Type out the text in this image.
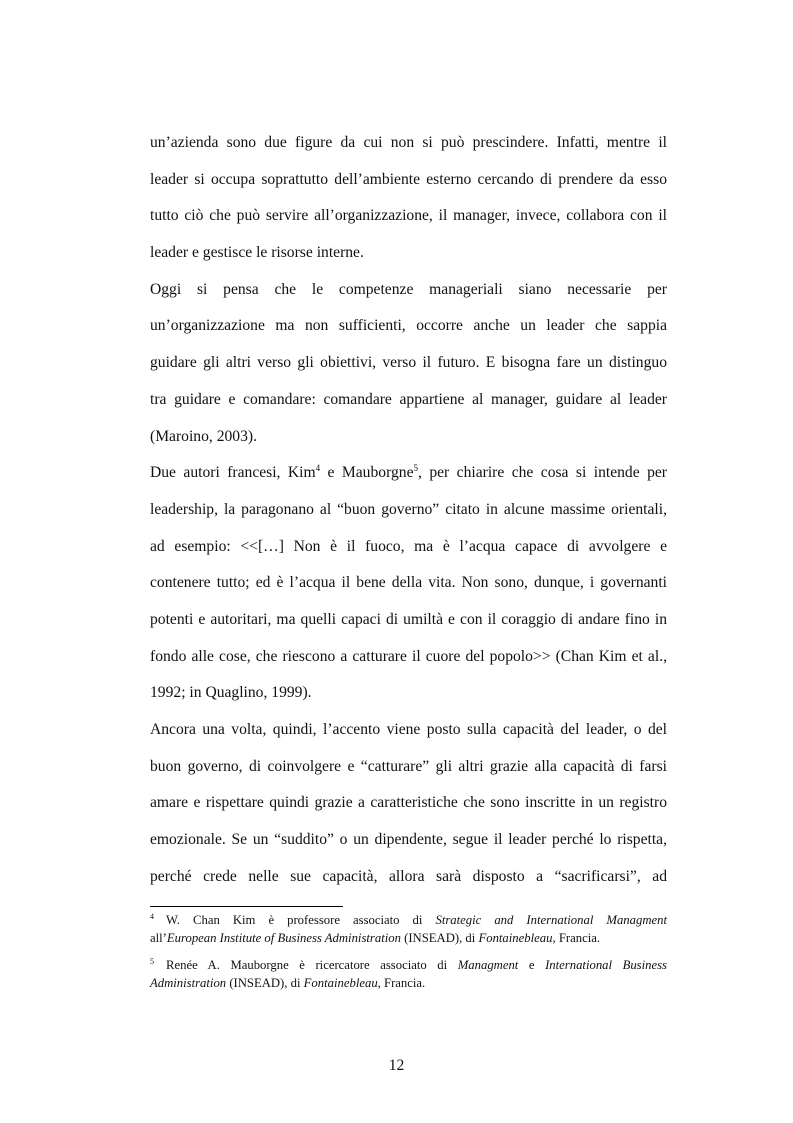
un’azienda sono due figure da cui non si può prescindere. Infatti, mentre il
leader si occupa soprattutto dell’ambiente esterno cercando di prendere da esso
tutto ciò che può servire all’organizzazione, il manager, invece, collabora con il
leader e gestisce le risorse interne.
Oggi si pensa che le competenze manageriali siano necessarie per
un’organizzazione ma non sufficienti, occorre anche un leader che sappia
guidare gli altri verso gli obiettivi, verso il futuro. E bisogna fare un distinguo
tra guidare e comandare: comandare appartiene al manager, guidare al leader
(Maroino, 2003).
Due autori francesi, Kim$^4$ e Mauborgne$^5$, per chiarire che cosa si intende per
leadership, la paragonano al “buon governo” citato in alcune massime orientali,
ad esempio: <<[…] Non è il fuoco, ma è l’acqua capace di avvolgere e
contenere tutto; ed è l’acqua il bene della vita. Non sono, dunque, i governanti
potenti e autoritari, ma quelli capaci di umiltà e con il coraggio di andare fino in
fondo alle cose, che riescono a catturare il cuore del popolo>> (Chan Kim et al.,
1992; in Quaglino, 1999).
Ancora una volta, quindi, l’accento viene posto sulla capacità del leader, o del
buon governo, di coinvolgere e “catturare” gli altri grazie alla capacità di farsi
amare e rispettare quindi grazie a caratteristiche che sono inscritte in un registro
emozionale. Se un “suddito” o un dipendente, segue il leader perché lo rispetta,
perché crede nelle sue capacità, allora sarà disposto a “sacrificarsi”, ad
4 W. Chan Kim è professore associato di Strategic and International Managment
all’European Institute of Business Administration (INSEAD), di Fontainebleau, Francia.
5 Renée A. Mauborgne è ricercatore associato di Managment e International Business
Administration (INSEAD), di Fontainebleau, Francia.
12
